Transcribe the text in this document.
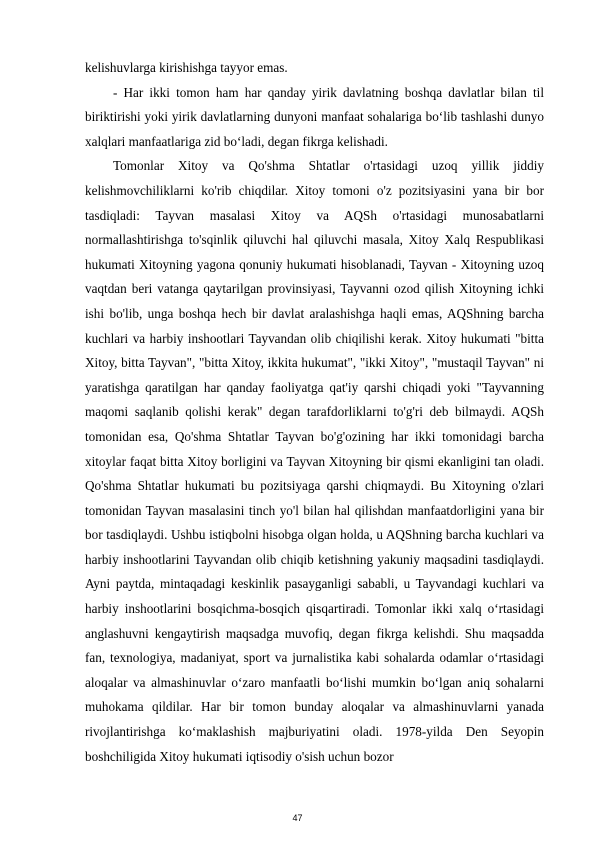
kelishuvlarga kirishishga tayyor emas.

- Har ikki tomon ham har qanday yirik davlatning boshqa davlatlar bilan til biriktirishi yoki yirik davlatlarning dunyoni manfaat sohalariga bo‘lib tashlashi dunyo xalqlari manfaatlariga zid bo‘ladi, degan fikrga kelishadi.

Tomonlar Xitoy va Qo'shma Shtatlar o'rtasidagi uzoq yillik jiddiy kelishmovchiliklarni ko'rib chiqdilar. Xitoy tomoni o'z pozitsiyasini yana bir bor tasdiqladi: Tayvan masalasi Xitoy va AQSh o'rtasidagi munosabatlarni normallashtirishga to'sqinlik qiluvchi hal qiluvchi masala, Xitoy Xalq Respublikasi hukumati Xitoyning yagona qonuniy hukumati hisoblanadi, Tayvan - Xitoyning uzoq vaqtdan beri vatanga qaytarilgan provinsiyasi, Tayvanni ozod qilish Xitoyning ichki ishi bo'lib, unga boshqa hech bir davlat aralashishga haqli emas, AQShning barcha kuchlari va harbiy inshootlari Tayvandan olib chiqilishi kerak. Xitoy hukumati "bitta Xitoy, bitta Tayvan", "bitta Xitoy, ikkita hukumat", "ikki Xitoy", "mustaqil Tayvan" ni yaratishga qaratilgan har qanday faoliyatga qat'iy qarshi chiqadi yoki "Tayvanning maqomi saqlanib qolishi kerak" degan tarafdorliklarni to'g'ri deb bilmaydi. AQSh tomonidan esa, Qo'shma Shtatlar Tayvan bo'g'ozining har ikki tomonidagi barcha xitoylar faqat bitta Xitoy borligini va Tayvan Xitoyning bir qismi ekanligini tan oladi. Qo'shma Shtatlar hukumati bu pozitsiyaga qarshi chiqmaydi. Bu Xitoyning o'zlari tomonidan Tayvan masalasini tinch yo'l bilan hal qilishdan manfaatdorligini yana bir bor tasdiqlaydi. Ushbu istiqbolni hisobga olgan holda, u AQShning barcha kuchlari va harbiy inshootlarini Tayvandan olib chiqib ketishning yakuniy maqsadini tasdiqlaydi. Ayni paytda, mintaqadagi keskinlik pasayganligi sababli, u Tayvandagi kuchlari va harbiy inshootlarini bosqichma-bosqich qisqartiradi. Tomonlar ikki xalq o‘rtasidagi anglashuvni kengaytirish maqsadga muvofiq, degan fikrga kelishdi. Shu maqsadda fan, texnologiya, madaniyat, sport va jurnalistika kabi sohalarda odamlar o‘rtasidagi aloqalar va almashinuvlar o‘zaro manfaatli bo‘lishi mumkin bo‘lgan aniq sohalarni muhokama qildilar. Har bir tomon bunday aloqalar va almashinuvlarni yanada rivojlantirishga ko‘maklashish majburiyatini oladi. 1978-yilda Den Seyopin boshchiligida Xitoy hukumati iqtisodiy o'sish uchun bozor

47
